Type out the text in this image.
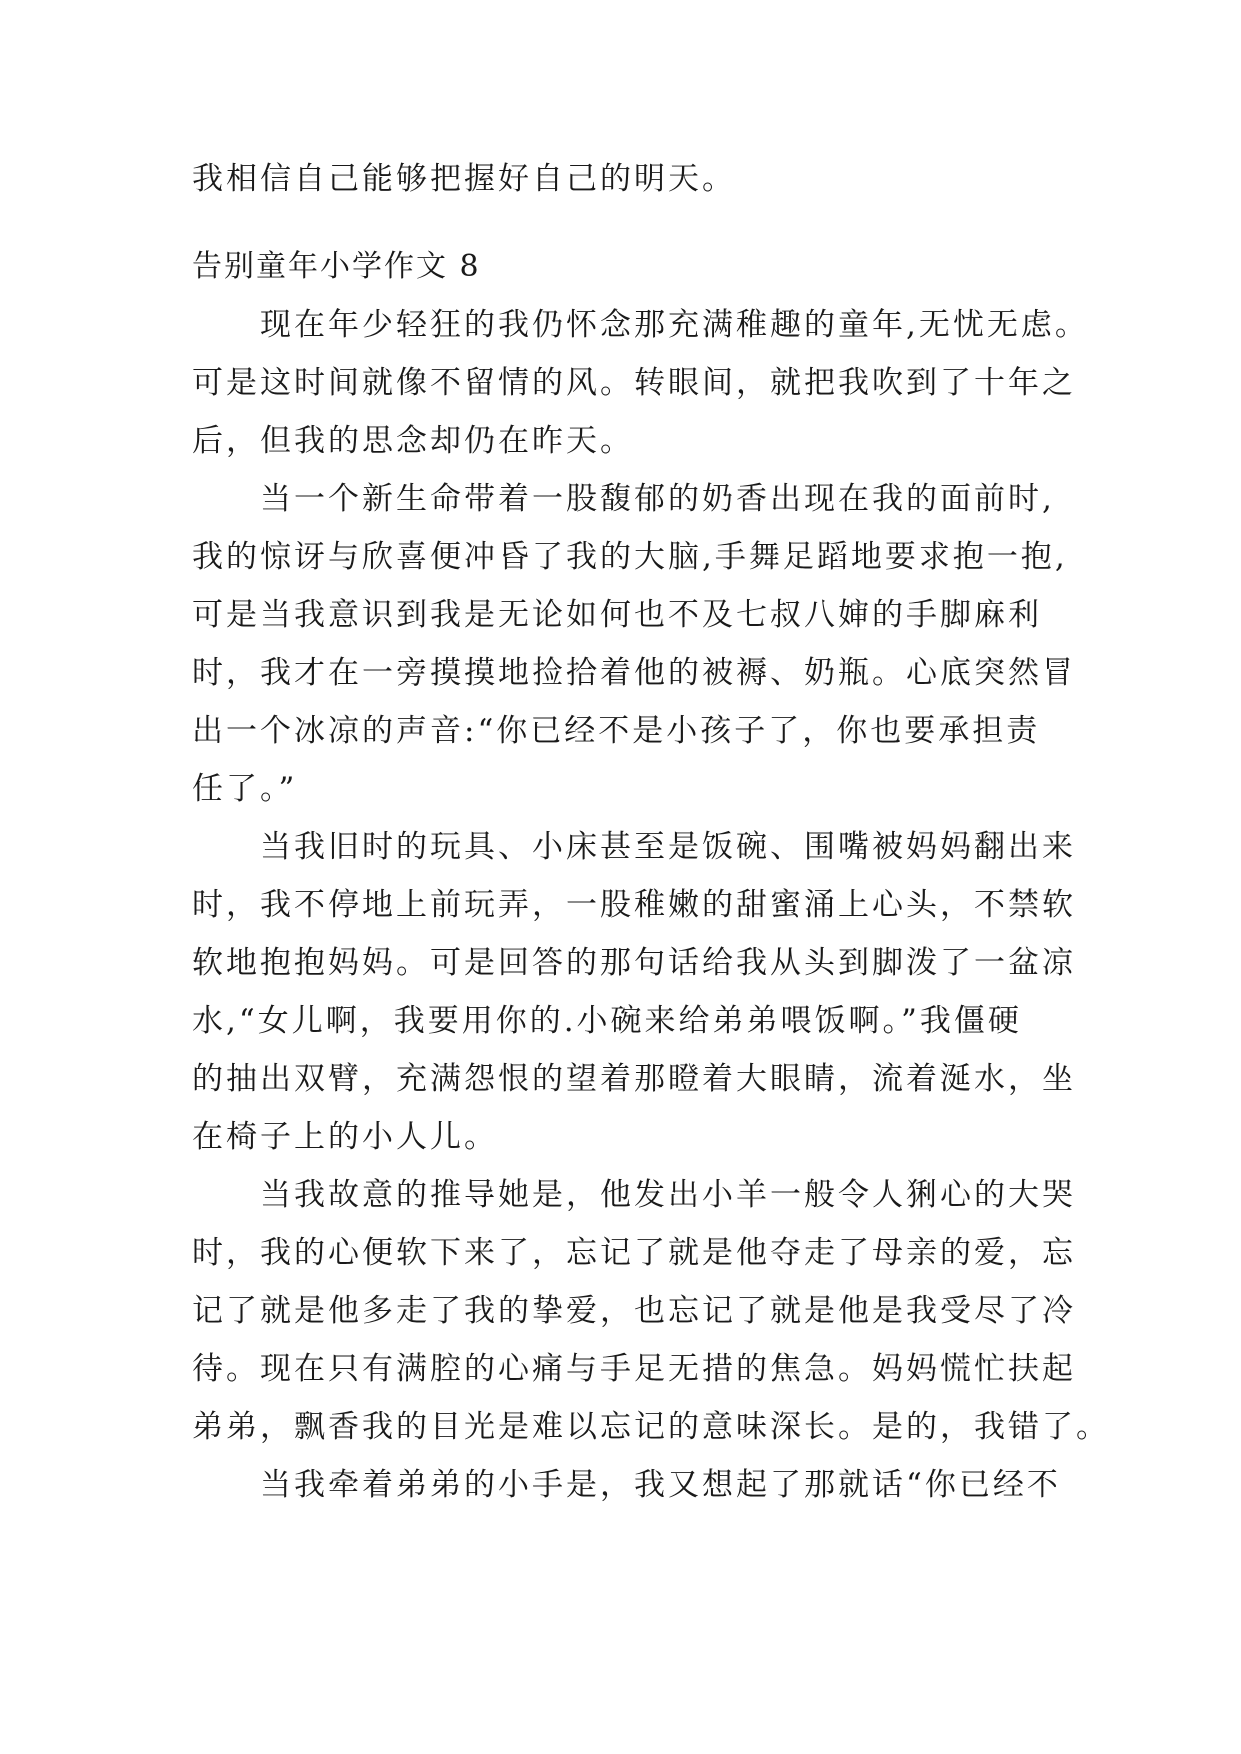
我相信自己能够把握好自己的明天。
告别童年小学作文 8
现在年少轻狂的我仍怀念那充满稚趣的童年,无忧无虑。
可是这时间就像不留情的风。转眼间，就把我吹到了十年之
后，但我的思念却仍在昨天。
当一个新生命带着一股馥郁的奶香出现在我的面前时,
我的惊讶与欣喜便冲昏了我的大脑,手舞足蹈地要求抱一抱,
可是当我意识到我是无论如何也不及七叔八婶的手脚麻利
时，我才在一旁摸摸地捡拾着他的被褥、奶瓶。心底突然冒
出一个冰凉的声音:“你已经不是小孩子了，你也要承担责
任了。”
当我旧时的玩具、小床甚至是饭碗、围嘴被妈妈翻出来
时，我不停地上前玩弄，一股稚嫩的甜蜜涌上心头，不禁软
软地抱抱妈妈。可是回答的那句话给我从头到脚泼了一盆凉
水,“女儿啊，我要用你的.小碗来给弟弟喂饭啊。”我僵硬
的抽出双臂，充满怨恨的望着那瞪着大眼睛，流着涎水，坐
在椅子上的小人儿。
当我故意的推导她是，他发出小羊一般令人猁心的大哭
时，我的心便软下来了，忘记了就是他夺走了母亲的爱，忘
记了就是他多走了我的挚爱，也忘记了就是他是我受尽了冷
待。现在只有满腔的心痛与手足无措的焦急。妈妈慌忙扶起
弟弟，飘香我的目光是难以忘记的意味深长。是的，我错了。
当我牵着弟弟的小手是，我又想起了那就话“你已经不
